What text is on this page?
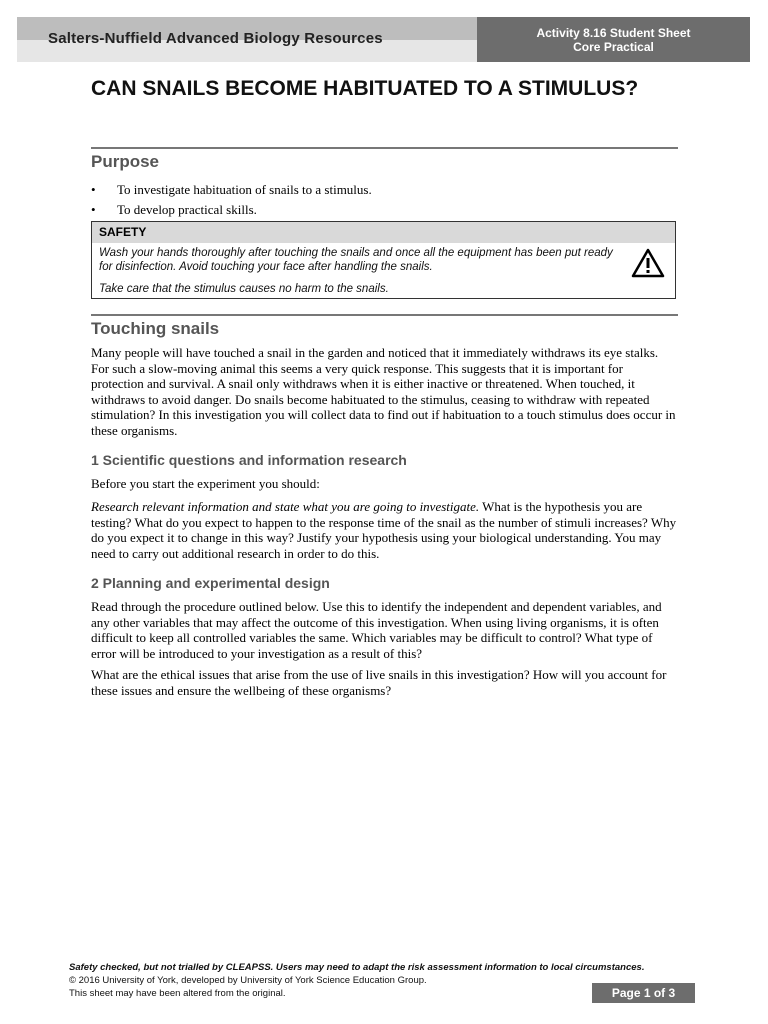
Salters-Nuffield Advanced Biology Resources	Activity 8.16 Student Sheet
Core Practical
CAN SNAILS BECOME HABITUATED TO A STIMULUS?
Purpose
• To investigate habituation of snails to a stimulus.
• To develop practical skills.
SAFETY
Wash your hands thoroughly after touching the snails and once all the equipment has been put ready for disinfection. Avoid touching your face after handling the snails.
Take care that the stimulus causes no harm to the snails.
Touching snails

Many people will have touched a snail in the garden and noticed that it immediately withdraws its eye stalks. For such a slow-moving animal this seems a very quick response. This suggests that it is important for protection and survival. A snail only withdraws when it is either inactive or threatened. When touched, it withdraws to avoid danger. Do snails become habituated to the stimulus, ceasing to withdraw with repeated stimulation? In this investigation you will collect data to find out if habituation to a touch stimulus does occur in these organisms.

1 Scientific questions and information research

Before you start the experiment you should:

Research relevant information and state what you are going to investigate. What is the hypothesis you are testing? What do you expect to happen to the response time of the snail as the number of stimuli increases? Why do you expect it to change in this way? Justify your hypothesis using your biological understanding. You may need to carry out additional research in order to do this.

2 Planning and experimental design

Read through the procedure outlined below. Use this to identify the independent and dependent variables, and any other variables that may affect the outcome of this investigation. When using living organisms, it is often difficult to keep all controlled variables the same. Which variables may be difficult to control? What type of error will be introduced to your investigation as a result of this?

What are the ethical issues that arise from the use of live snails in this investigation? How will you account for these issues and ensure the wellbeing of these organisms?

Safety checked, but not trialled by CLEAPSS. Users may need to adapt the risk assessment information to local circumstances.
© 2016 University of York, developed by University of York Science Education Group.
This sheet may have been altered from the original.	Page 1 of 3
